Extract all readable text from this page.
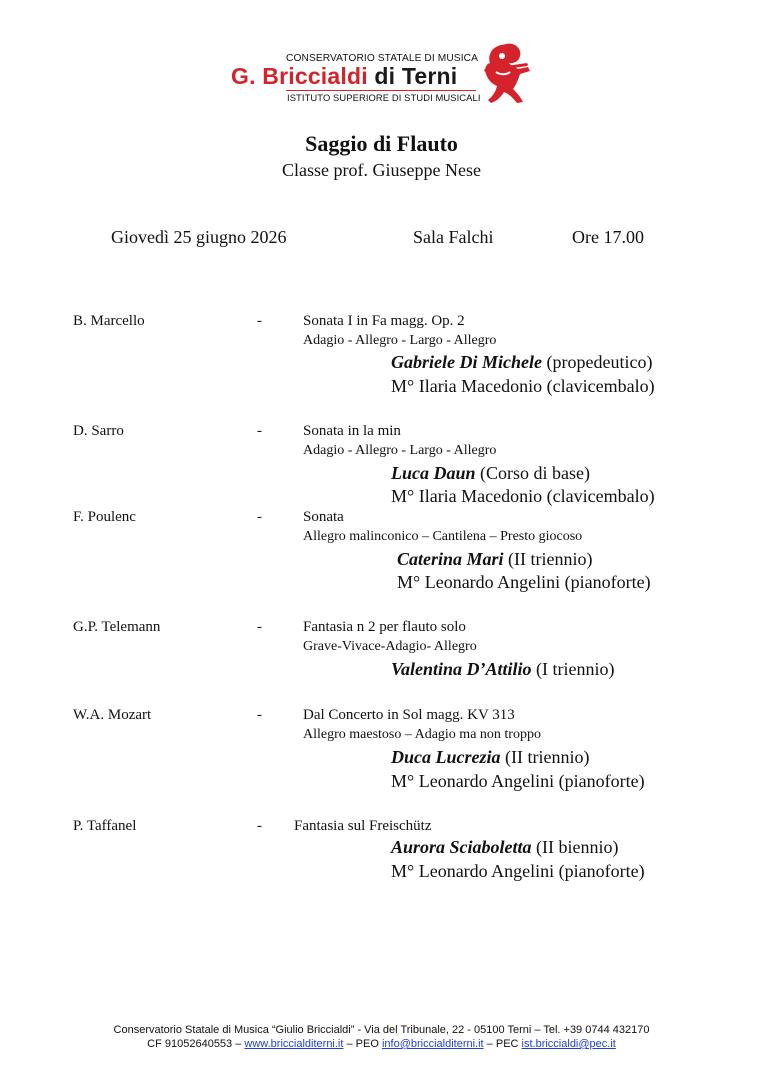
CONSERVATORIO STATALE DI MUSICA
G. Briccialdi di Terni
ISTITUTO SUPERIORE DI STUDI MUSICALI
Saggio di Flauto
Classe prof. Giuseppe Nese
Giovedì 25 giugno 2026	Sala Falchi	Ore 17.00
B. Marcello	-	Sonata I in Fa magg. Op. 2
Adagio - Allegro - Largo - Allegro
Gabriele Di Michele (propedeutico)
M° Ilaria Macedonio (clavicembalo)
D. Sarro	-	Sonata in la min
Adagio - Allegro - Largo - Allegro
Luca Daun (Corso di base)
M° Ilaria Macedonio (clavicembalo)
F. Poulenc	-	Sonata
Allegro malinconico – Cantilena – Presto giocoso
Caterina Mari (II triennio)
M° Leonardo Angelini (pianoforte)
G.P. Telemann	-	Fantasia n 2 per flauto solo
Grave-Vivace-Adagio- Allegro
Valentina D’Attilio (I triennio)
W.A. Mozart	-	Dal Concerto in Sol magg. KV 313
Allegro maestoso – Adagio ma non troppo
Duca Lucrezia (II triennio)
M° Leonardo Angelini (pianoforte)
P. Taffanel	- Fantasia sul Freischütz
Aurora Sciaboletta (II biennio)
M° Leonardo Angelini (pianoforte)
Conservatorio Statale di Musica “Giulio Briccialdi” - Via del Tribunale, 22 - 05100 Terni – Tel. +39 0744 432170
CF 91052640553 – www.briccialditerni.it – PEO info@briccialditerni.it – PEC ist.briccialdi@pec.it
